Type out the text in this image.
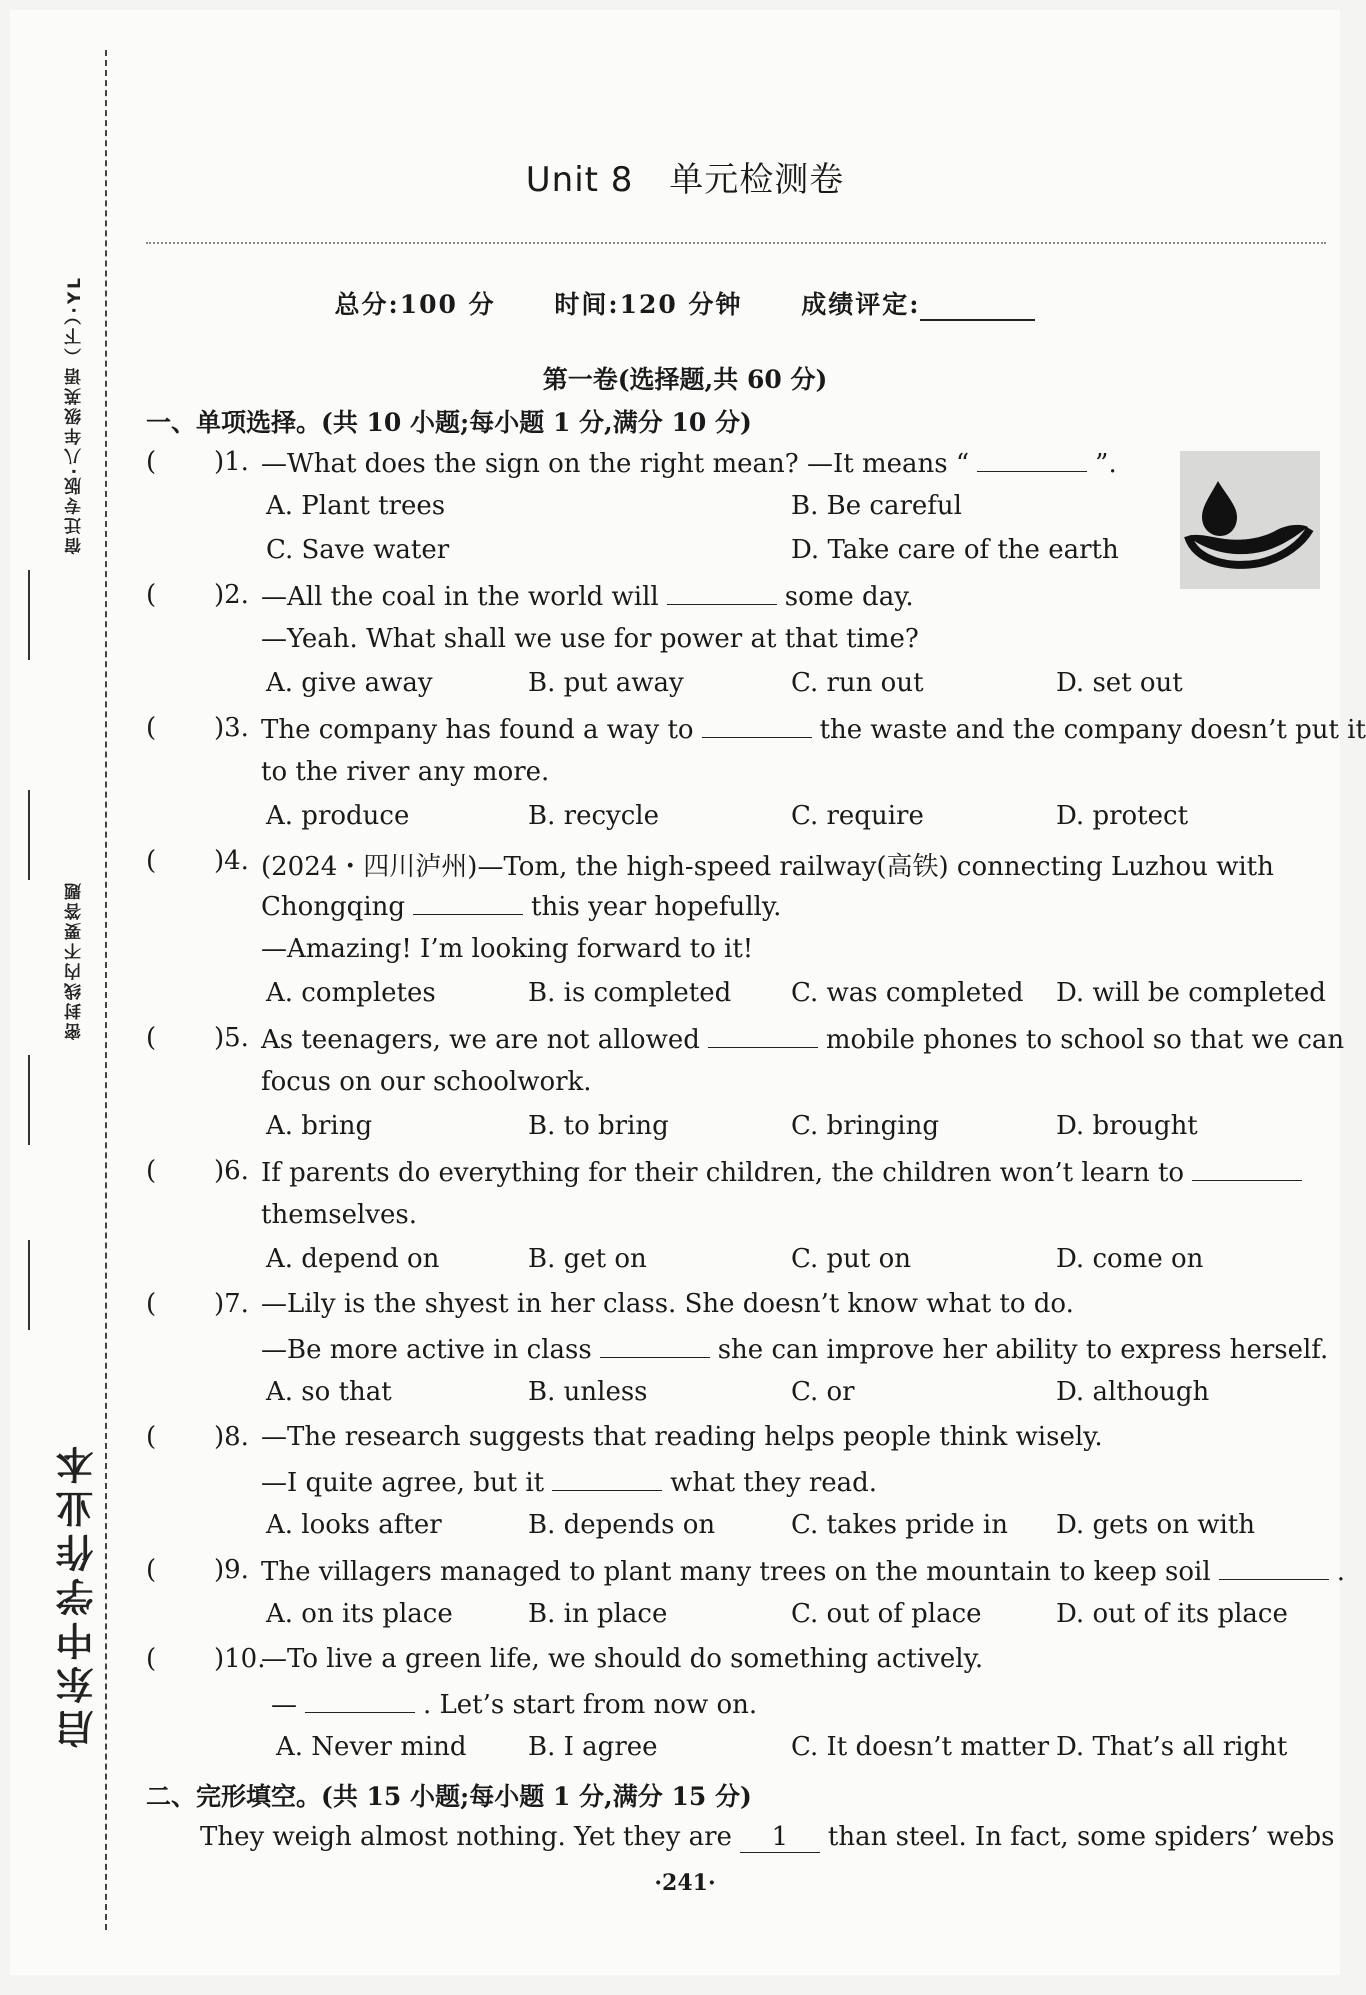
宿迁专版·八年级英语（下）·YL
密封线内不要答题
启东中学作业本
Unit 8 单元检测卷
总分:100 分 时间:120 分钟 成绩评定:
第一卷(选择题,共 60 分)
一、单项选择。(共 10 小题;每小题 1 分,满分 10 分)
( )1. —What does the sign on the right mean? —It means “	”.
A. Plant trees	B. Be careful
C. Save water	D. Take care of the earth
( )2. —All the coal in the world will	some day.
—Yeah. What shall we use for power at that time?
A. give away	B. put away	C. run out	D. set out
( )3. The company has found a way to	the waste and the company doesn’t put it
to the river any more.
A. produce	B. recycle	C. require	D. protect
( )4. (2024・四川泸州)—Tom, the high-speed railway(高铁) connecting Luzhou with
Chongqing	this year hopefully.
—Amazing! I’m looking forward to it!
A. completes	B. is completed C. was completed D. will be completed
( )5. As teenagers, we are not allowed	mobile phones to school so that we can
focus on our schoolwork.
A. bring	B. to bring	C. bringing	D. brought
( )6. If parents do everything for their children, the children won’t learn to
themselves.
A. depend on	B. get on	C. put on	D. come on
( )7. —Lily is the shyest in her class. She doesn’t know what to do.
—Be more active in class	she can improve her ability to express herself.
A. so that	B. unless	C. or	D. although
( )8. —The research suggests that reading helps people think wisely.
—I quite agree, but it	what they read.
A. looks after	B. depends on	C. takes pride in D. gets on with
( )9. The villagers managed to plant many trees on the mountain to keep soil	.
A. on its place	B. in place	C. out of place	D. out of its place
( )10.
—To live a green life, we should do something actively.
—	. Let’s start from now on.
A. Never mind B. I agree	C. It doesn’t matter D. That’s all right
二、完形填空。(共 15 小题;每小题 1 分,满分 15 分)
They weigh almost nothing. Yet they are 1 than steel. In fact, some spiders’ webs
·241·
